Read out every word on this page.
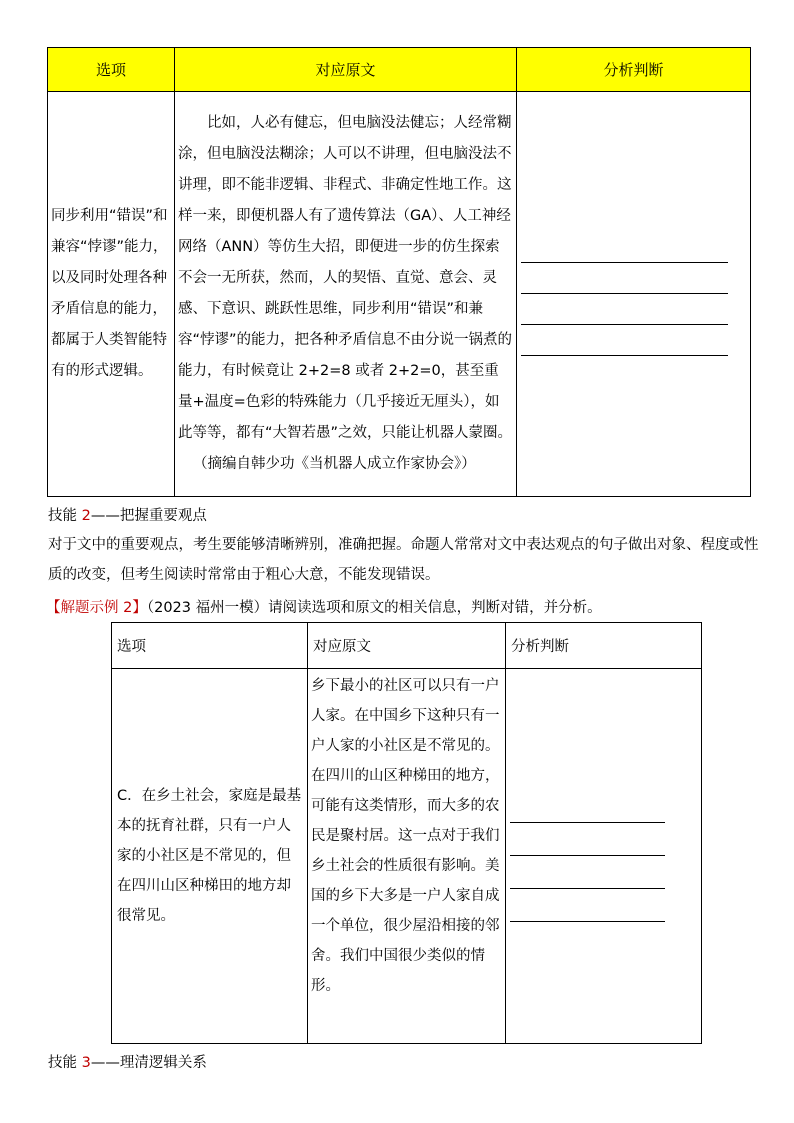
选项	对应原文	分析判断

同步利用“错误”和兼容“悖谬”能力，以及同时处理各种矛盾信息的能力，都属于人类智能特有的形式逻辑。	比如，人必有健忘，但电脑没法健忘；人经常糊涂，但电脑没法糊涂；人可以不讲理，但电脑没法不讲理，即不能非逻辑、非程式、非确定性地工作。这样一来，即便机器人有了遗传算法（GA）、人工神经网络（ANN）等仿生大招，即便进一步的仿生探索不会一无所获，然而，人的契悟、直觉、意会、灵感、下意识、跳跃性思维，同步利用“错误”和兼容“悖谬”的能力，把各种矛盾信息不由分说一锅煮的能力，有时候竟让 2+2=8 或者 2+2=0，甚至重量+温度=色彩的特殊能力（几乎接近无厘头），如此等等，都有“大智若愚”之效，只能让机器人蒙圈。

（摘编自韩少功《当机器人成立作家协会》）	

技能 2——把握重要观点
对于文中的重要观点，考生要能够清晰辨别，准确把握。命题人常常对文中表达观点的句子做出对象、程度或性质的改变，但考生阅读时常常由于粗心大意，不能发现错误。
【解题示例 2】（2023 福州一模）请阅读选项和原文的相关信息，判断对错，并分析。
选项	对应原文	分析判断

C．在乡土社会，家庭是最基本的抚育社群，只有一户人家的小社区是不常见的，但在四川山区种梯田的地方却很常见。	乡下最小的社区可以只有一户人家。在中国乡下这种只有一户人家的小社区是不常见的。在四川的山区种梯田的地方，可能有这类情形，而大多的农民是聚村居。这一点对于我们乡土社会的性质很有影响。美国的乡下大多是一户人家自成一个单位，很少屋沿相接的邻舍。我们中国很少类似的情形。	

技能 3——理清逻辑关系
